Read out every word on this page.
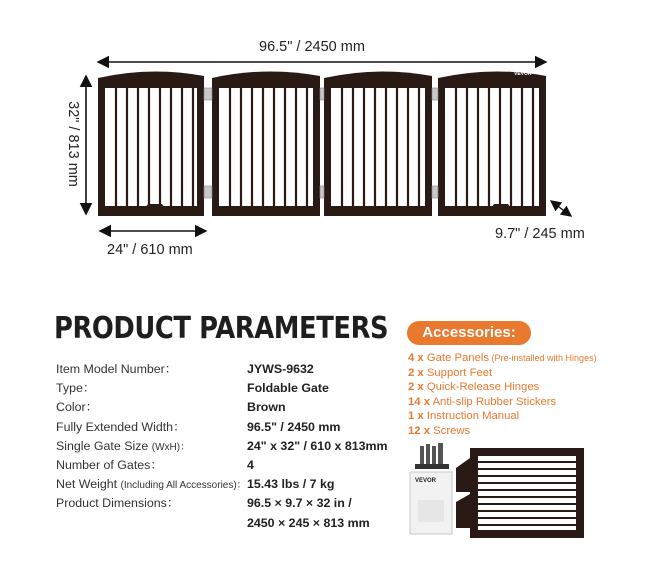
VEVOR
96.5" / 2450 mm
32" / 813 mm
24" / 610 mm
9.7" / 245 mm
PRODUCT PARAMETERS
Item Model Number：	JYWS-9632
Type：	Foldable Gate
Color：	Brown
Fully Extended Width：	96.5" / 2450 mm
Single Gate Size (WxH)：	24" x 32" / 610 x 813mm
Number of Gates：	4
Net Weight (Including All Accessories)： 15.43 lbs / 7 kg
Product Dimensions：	96.5 × 9.7 × 32 in /
2450 × 245 × 813 mm
Accessories:
4 x Gate Panels (Pre-installed with Hinges)
2 x Support Feet
2 x Quick-Release Hinges
14 x Anti-slip Rubber Stickers
1 x Instruction Manual
12 x Screws
VEVOR
